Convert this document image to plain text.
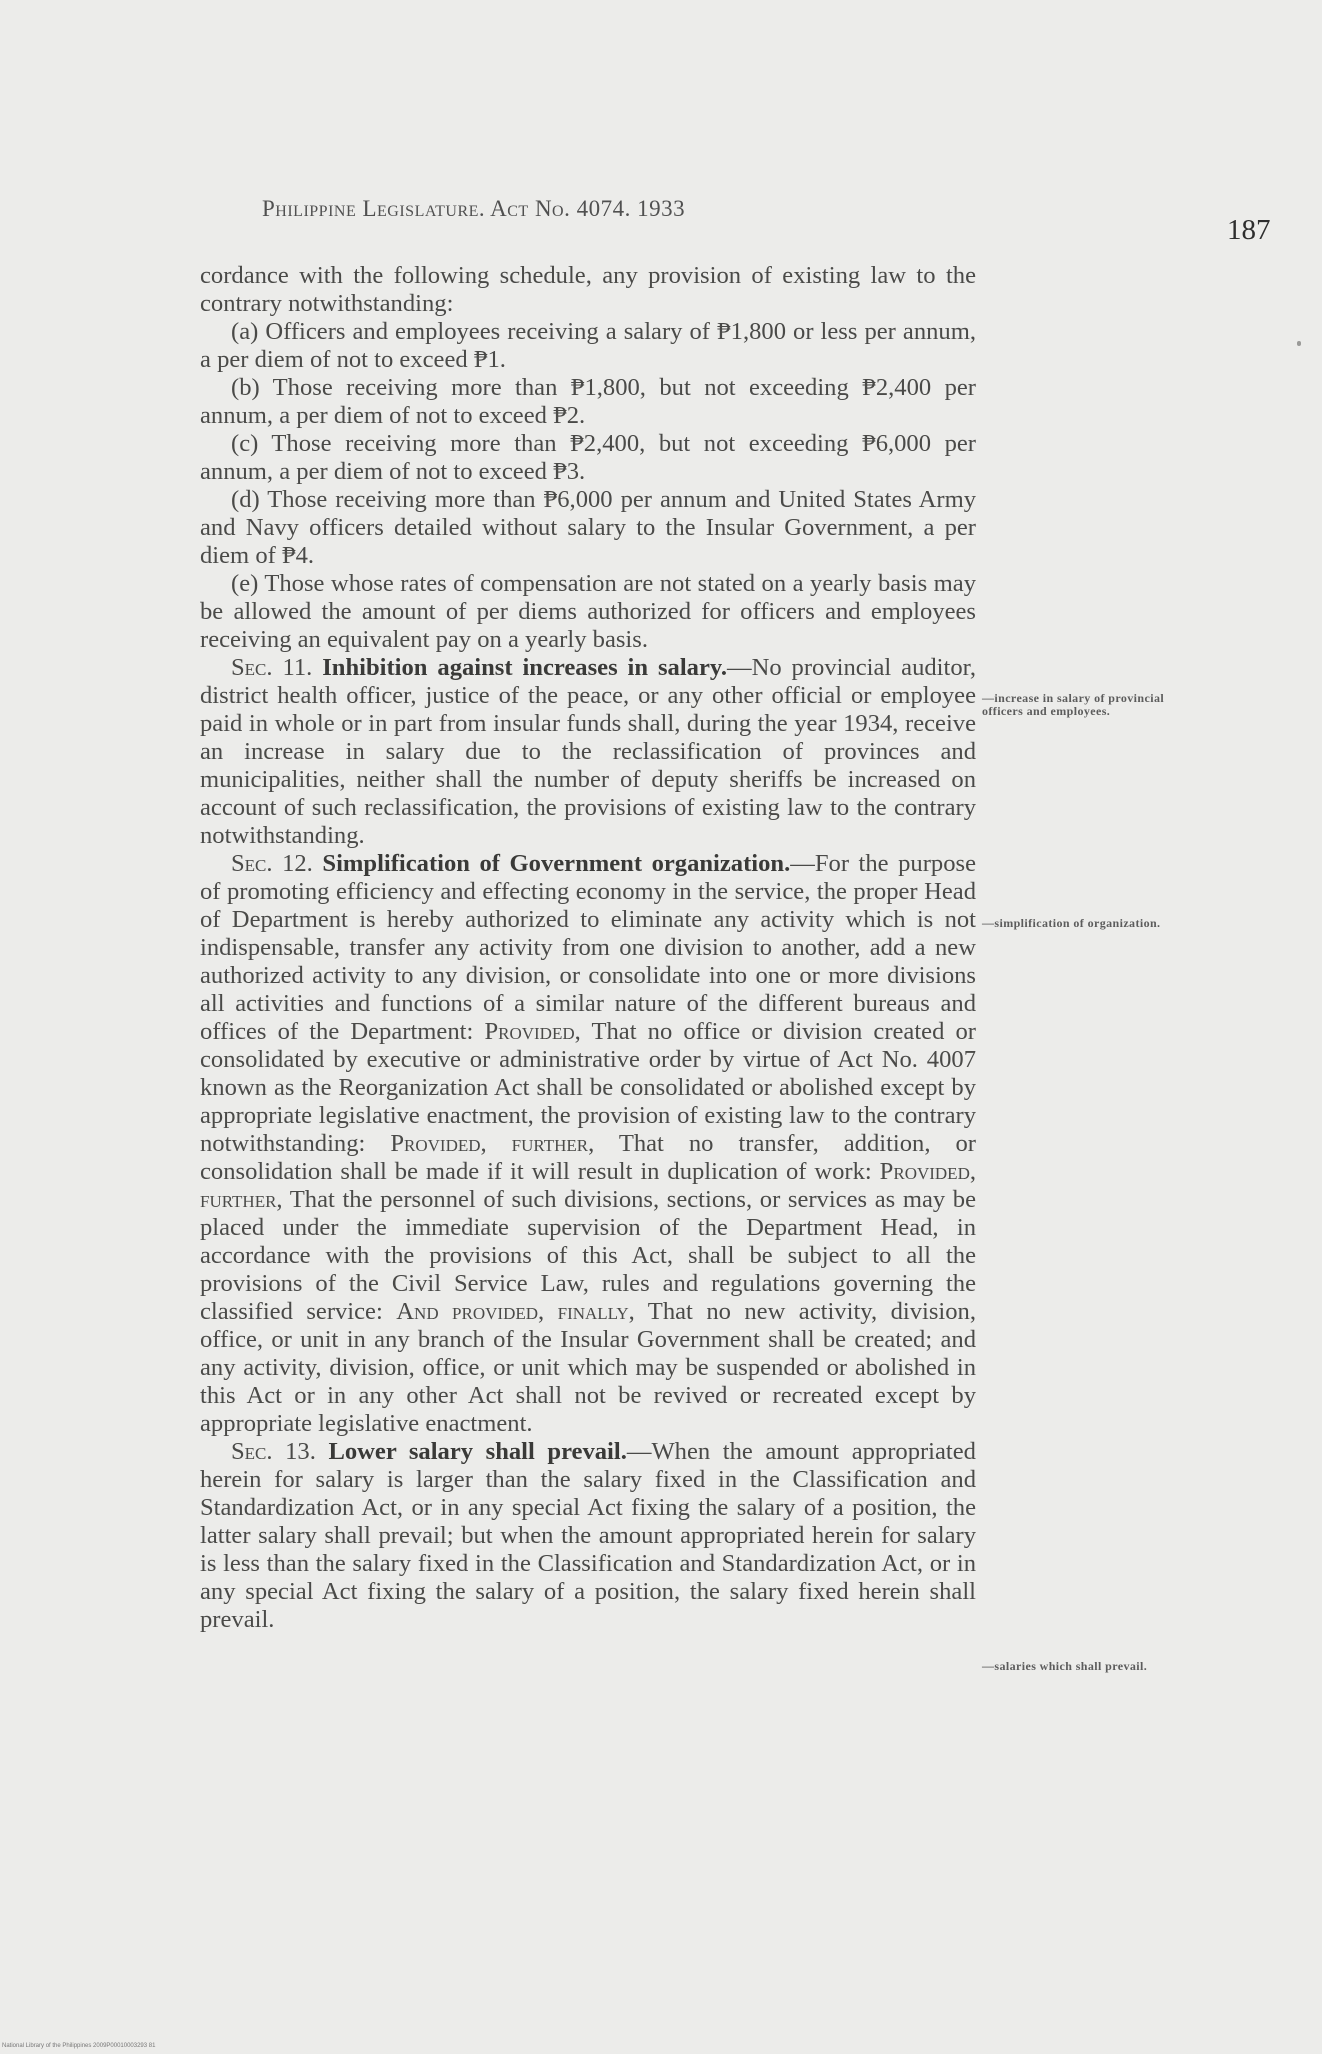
Philippine Legislature. Act No. 4074. 1933
187

cordance with the following schedule, any provision of existing law to the contrary notwithstanding:

(a) Officers and employees receiving a salary of ₱1,800 or less per annum, a per diem of not to exceed ₱1.

(b) Those receiving more than ₱1,800, but not exceeding ₱2,400 per annum, a per diem of not to exceed ₱2.

(c) Those receiving more than ₱2,400, but not exceeding ₱6,000 per annum, a per diem of not to exceed ₱3.

(d) Those receiving more than ₱6,000 per annum and United States Army and Navy officers detailed without salary to the Insular Government, a per diem of ₱4.

(e) Those whose rates of compensation are not stated on a yearly basis may be allowed the amount of per diems authorized for officers and employees receiving an equivalent pay on a yearly basis.

Sec. 11. Inhibition against increases in salary.—No provincial auditor, district health officer, justice of the peace, or any other official or employee paid in whole or in part from insular funds shall, during the year 1934, receive an increase in salary due to the reclassification of provinces and municipalities, neither shall the number of deputy sheriffs be increased on account of such reclassification, the provisions of existing law to the contrary notwithstanding.

Sec. 12. Simplification of Government organization.—For the purpose of promoting efficiency and effecting economy in the service, the proper Head of Department is hereby authorized to eliminate any activity which is not indispensable, transfer any activity from one division to another, add a new authorized activity to any division, or consolidate into one or more divisions all activities and functions of a similar nature of the different bureaus and offices of the Department: Provided, That no office or division created or consolidated by executive or administrative order by virtue of Act No. 4007 known as the Reorganization Act shall be consolidated or abolished except by appropriate legislative enactment, the provision of existing law to the contrary notwithstanding: Provided, further, That no transfer, addition, or consolidation shall be made if it will result in duplication of work: Provided, further, That the personnel of such divisions, sections, or services as may be placed under the immediate supervision of the Department Head, in accordance with the provisions of this Act, shall be subject to all the provisions of the Civil Service Law, rules and regulations governing the classified service: And provided, finally, That no new activity, division, office, or unit in any branch of the Insular Government shall be created; and any activity, division, office, or unit which may be suspended or abolished in this Act or in any other Act shall not be revived or recreated except by appropriate legislative enactment.

Sec. 13. Lower salary shall prevail.—When the amount appropriated herein for salary is larger than the salary fixed in the Classification and Standardization Act, or in any special Act fixing the salary of a position, the latter salary shall prevail; but when the amount appropriated herein for salary is less than the salary fixed in the Classification and Standardization Act, or in any special Act fixing the salary of a position, the salary fixed herein shall prevail.

—increase in salary of provincial officers and employees.
—simplification of organization.
—salaries which shall prevail.
National Library of the Philippines 2009P00010003293 81
